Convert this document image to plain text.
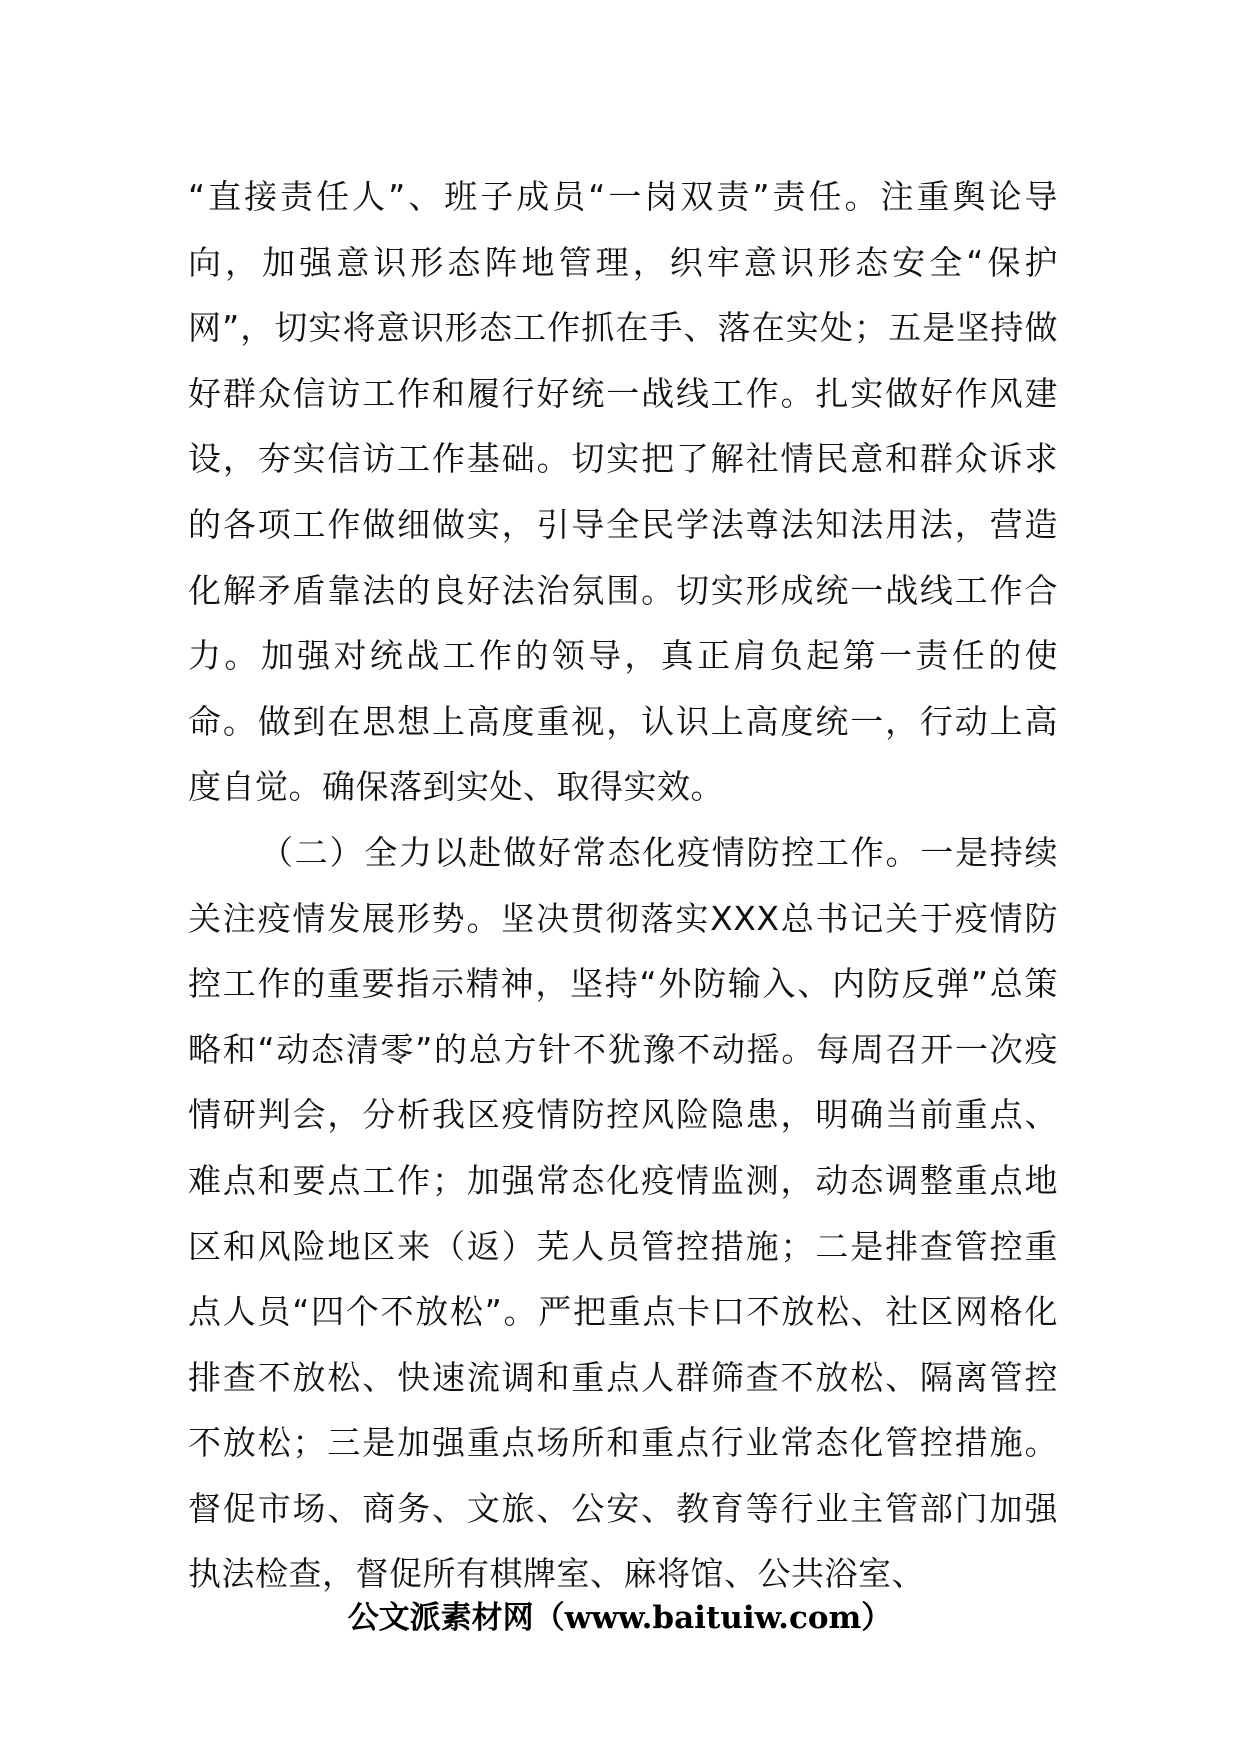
“直接责任人”、班子成员“一岗双责”责任。注重舆论导向，加强意识形态阵地管理，织牢意识形态安全“保护网”，切实将意识形态工作抓在手、落在实处；五是坚持做好群众信访工作和履行好统一战线工作。扎实做好作风建设，夯实信访工作基础。切实把了解社情民意和群众诉求的各项工作做细做实，引导全民学法尊法知法用法，营造化解矛盾靠法的良好法治氛围。切实形成统一战线工作合力。加强对统战工作的领导，真正肩负起第一责任的使命。做到在思想上高度重视，认识上高度统一，行动上高度自觉。确保落到实处、取得实效。

（二）全力以赴做好常态化疫情防控工作。一是持续关注疫情发展形势。坚决贯彻落实XXX总书记关于疫情防控工作的重要指示精神，坚持“外防输入、内防反弹”总策略和“动态清零”的总方针不犹豫不动摇。每周召开一次疫情研判会，分析我区疫情防控风险隐患，明确当前重点、难点和要点工作；加强常态化疫情监测，动态调整重点地区和风险地区来（返）芜人员管控措施；二是排查管控重点人员“四个不放松”。严把重点卡口不放松、社区网格化排查不放松、快速流调和重点人群筛查不放松、隔离管控不放松；三是加强重点场所和重点行业常态化管控措施。督促市场、商务、文旅、公安、教育等行业主管部门加强执法检查，督促所有棋牌室、麻将馆、公共浴室、

公文派素材网（www.baituiw.com）
